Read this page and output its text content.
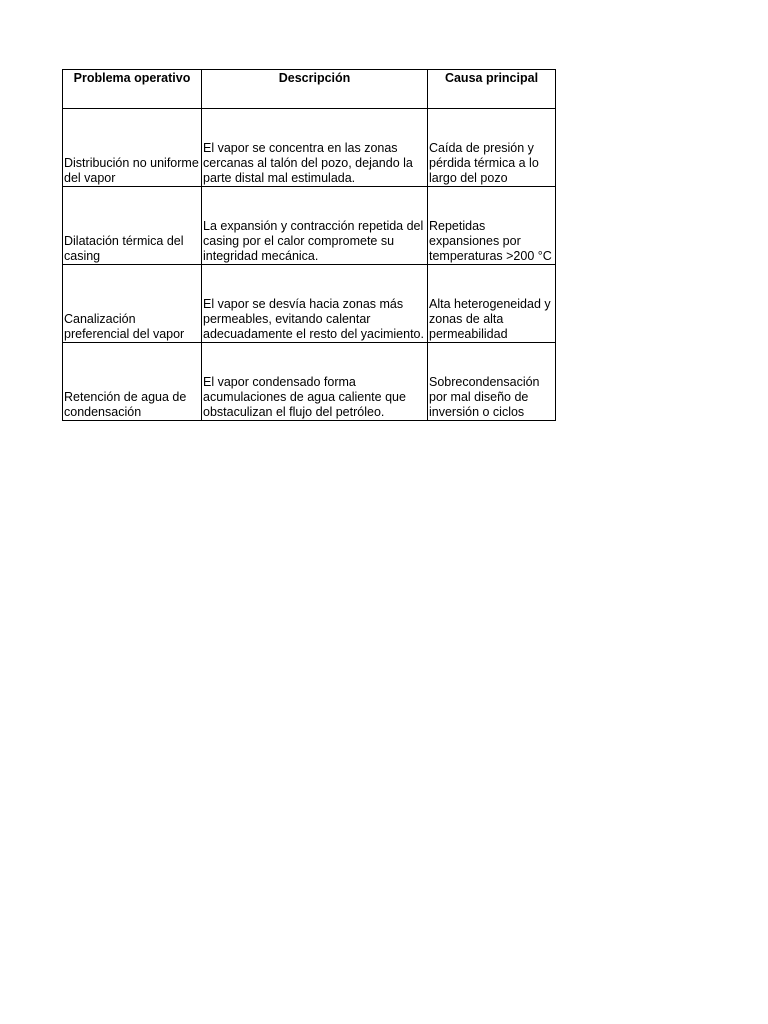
Problema operativo	Descripción	Causa principal
Distribución no uniforme del vapor	El vapor se concentra en las zonas cercanas al talón del pozo, dejando la parte distal mal estimulada.	Caída de presión y pérdida térmica a lo largo del pozo
Dilatación térmica del casing	La expansión y contracción repetida del casing por el calor compromete su integridad mecánica.	Repetidas expansiones por temperaturas >200 °C
Canalización preferencial del vapor	El vapor se desvía hacia zonas más permeables, evitando calentar adecuadamente el resto del yacimiento.	Alta heterogeneidad y zonas de alta permeabilidad
Retención de agua de condensación	El vapor condensado forma acumulaciones de agua caliente que obstaculizan el flujo del petróleo.	Sobrecondensación por mal diseño de inversión o ciclos
